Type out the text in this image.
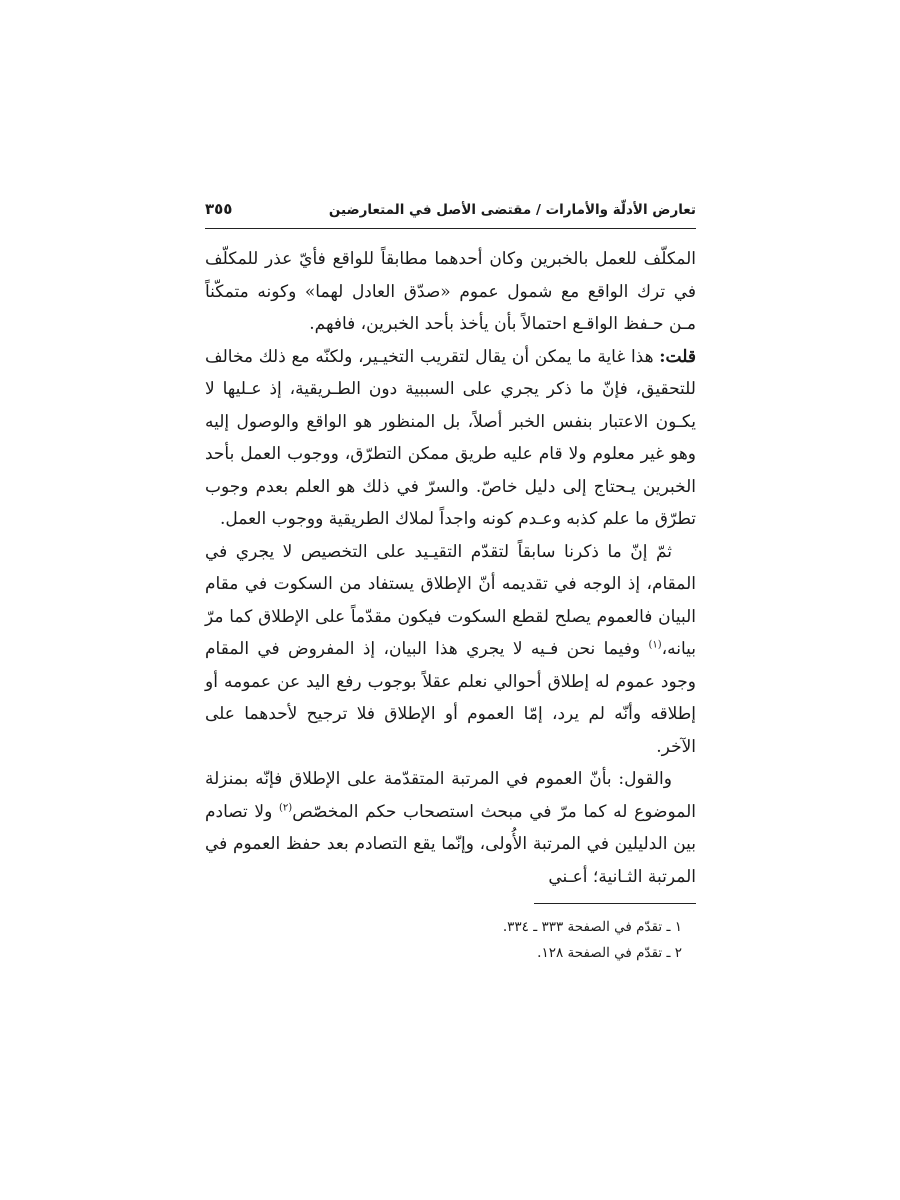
تعارض الأدلّة والأمارات / مقتضى الأصل في المتعارضين
٣٥٥

المكلّف للعمل بالخبرين وكان أحدهما مطابقاً للواقع فأيّ عذر للمكلّف في ترك الواقع مع شمول عموم «صدّق العادل لهما» وكونه متمكّناً مـن حـفظ الواقـع احتمالاً بأن يأخذ بأحد الخبرين، فافهم.

قلت: هذا غاية ما يمكن أن يقال لتقريب التخيـير، ولكنّه مع ذلك مخالف للتحقيق، فإنّ ما ذكر يجري على السببية دون الطـريقية، إذ عـليها لا يكـون الاعتبار بنفس الخبر أصلاً، بل المنظور هو الواقع والوصول إليه وهو غير معلوم ولا قام عليه طريق ممكن التطرّق، ووجوب العمل بأحد الخبرين يـحتاج إلى دليل خاصّ. والسرّ في ذلك هو العلم بعدم وجوب تطرّق ما علم كذبه وعـدم كونه واجداً لملاك الطريقية ووجوب العمل.

ثمّ إنّ ما ذكرنا سابقاً لتقدّم التقيـيد على التخصيص لا يجري في المقام، إذ الوجه في تقديمه أنّ الإطلاق يستفاد من السكوت في مقام البيان فالعموم يصلح لقطع السكوت فيكون مقدّماً على الإطلاق كما مرّ بيانه،$^{(١)}$ وفيما نحن فـيه لا يجري هذا البيان، إذ المفروض في المقام وجود عموم له إطلاق أحوالي نعلم عقلاً بوجوب رفع اليد عن عمومه أو إطلاقه وأنّه لم يرد، إمّا العموم أو الإطلاق فلا ترجيح لأحدهما على الآخر.

والقول: بأنّ العموم في المرتبة المتقدّمة على الإطلاق فإنّه بمنزلة الموضوع له كما مرّ في مبحث استصحاب حكم المخصّص$^{(٢)}$ ولا تصادم بين الدليلين في المرتبة الأُولى، وإنّما يقع التصادم بعد حفظ العموم في المرتبة الثـانية؛ أعـني

١ ـ تقدّم في الصفحة ٣٣٣ ـ ٣٣٤.

٢ ـ تقدّم في الصفحة ١٢٨.
